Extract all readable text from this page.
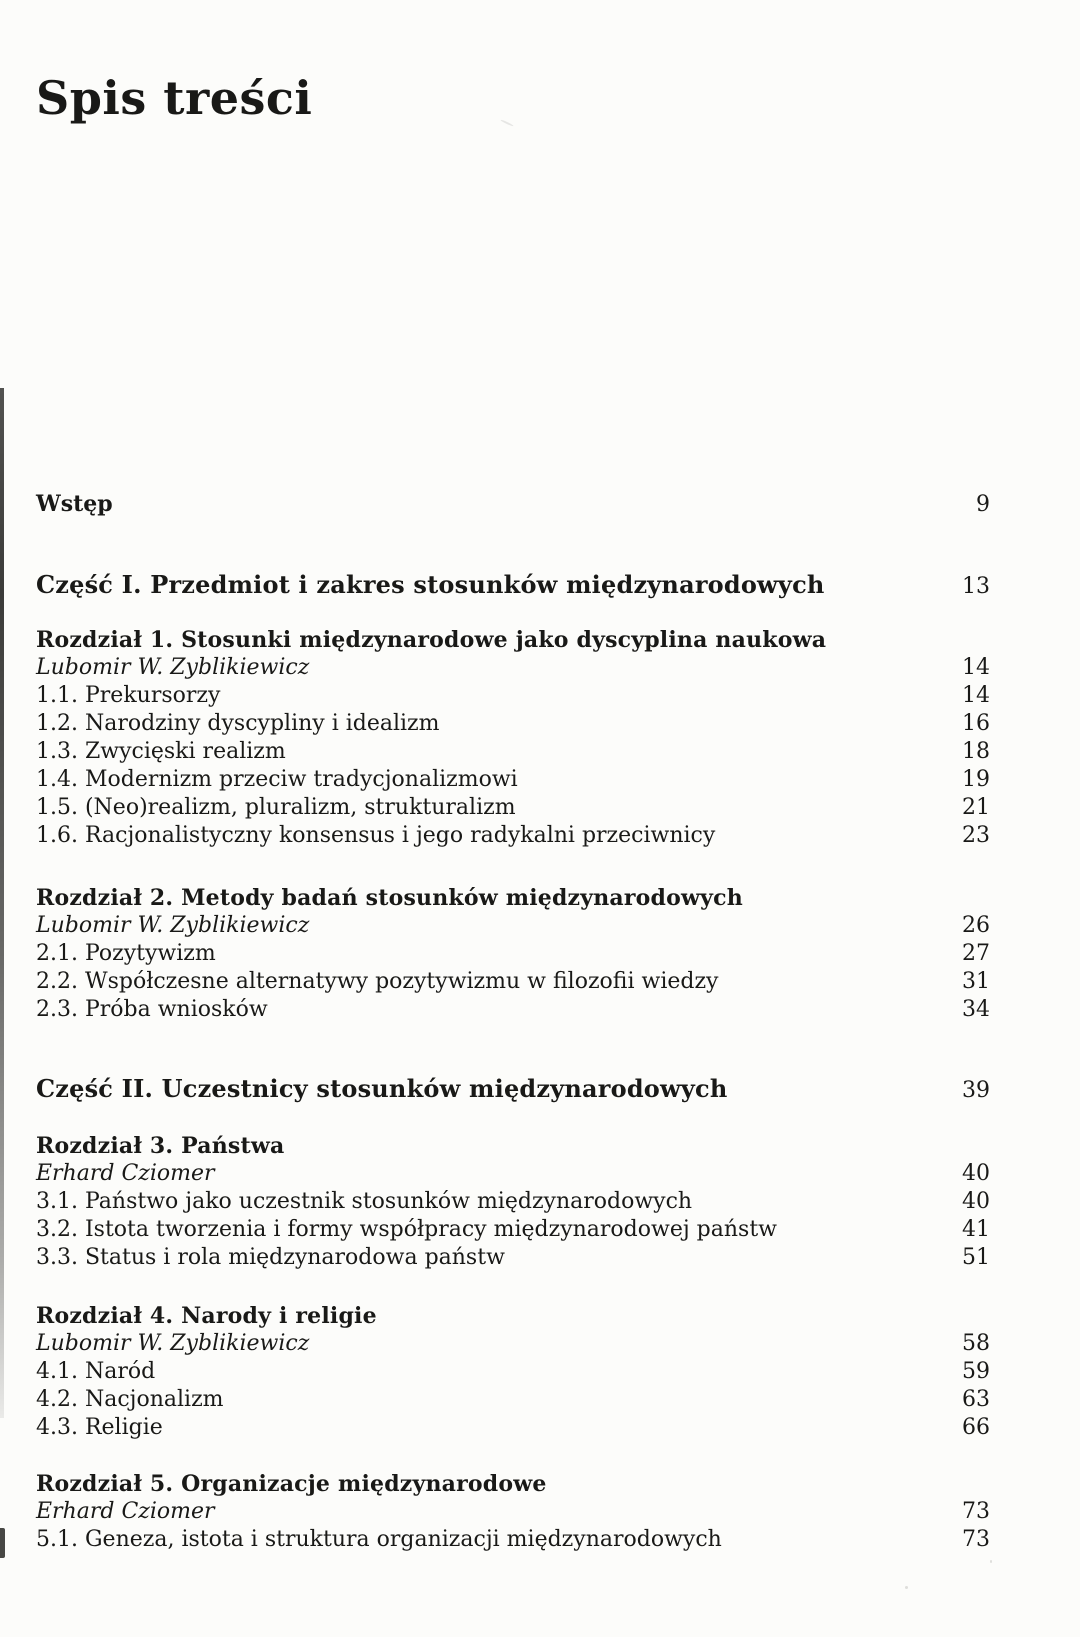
Spis treści
Wstęp	9
Część I. Przedmiot i zakres stosunków międzynarodowych	13
Rozdział 1. Stosunki międzynarodowe jako dyscyplina naukowa
Lubomir W. Zyblikiewicz	14
1.1. Prekursorzy	14
1.2. Narodziny dyscypliny i idealizm	16
1.3. Zwycięski realizm	18
1.4. Modernizm przeciw tradycjonalizmowi	19
1.5. (Neo)realizm, pluralizm, strukturalizm	21
1.6. Racjonalistyczny konsensus i jego radykalni przeciwnicy	23
Rozdział 2. Metody badań stosunków międzynarodowych
Lubomir W. Zyblikiewicz	26
2.1. Pozytywizm	27
2.2. Współczesne alternatywy pozytywizmu w filozofii wiedzy	31
2.3. Próba wniosków	34
Część II. Uczestnicy stosunków międzynarodowych	39
Rozdział 3. Państwa
Erhard Cziomer	40
3.1. Państwo jako uczestnik stosunków międzynarodowych	40
3.2. Istota tworzenia i formy współpracy międzynarodowej państw	41
3.3. Status i rola międzynarodowa państw	51
Rozdział 4. Narody i religie
Lubomir W. Zyblikiewicz	58
4.1. Naród	59
4.2. Nacjonalizm	63
4.3. Religie	66
Rozdział 5. Organizacje międzynarodowe
Erhard Cziomer	73
5.1. Geneza, istota i struktura organizacji międzynarodowych	73
